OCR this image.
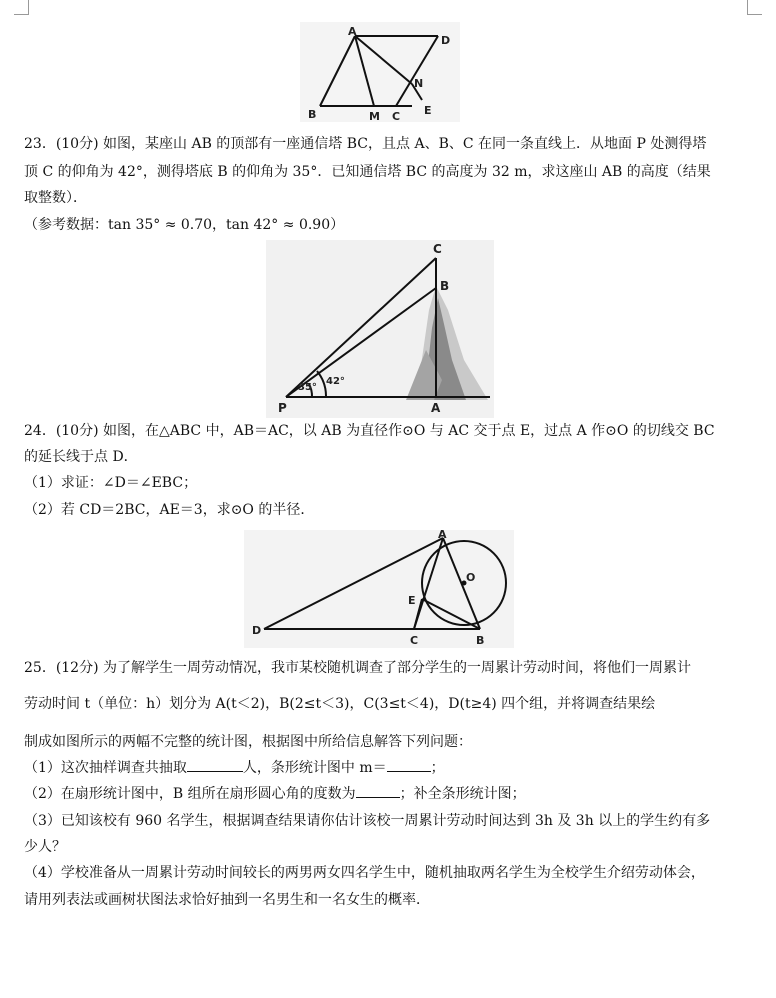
A
D
N
B	M C E
23．(10分) 如图，某座山 AB 的顶部有一座通信塔 BC，且点 A、B、C 在同一条直线上．从地面 P 处测得塔
顶 C 的仰角为 42°，测得塔底 B 的仰角为 35°．已知通信塔 BC 的高度为 32 m，求这座山 AB 的高度（结果
取整数）．
（参考数据：tan 35° ≈ 0.70，tan 42° ≈ 0.90）
C
B
P	A
35°
42°
24．(10分) 如图，在△ABC 中，AB＝AC，以 AB 为直径作⊙O 与 AC 交于点 E，过点 A 作⊙O 的切线交 BC
的延长线于点 D．
（1）求证：∠D＝∠EBC；
（2）若 CD＝2BC，AE＝3，求⊙O 的半径．
A
O
E
D
C	B
25．(12分) 为了解学生一周劳动情况，我市某校随机调查了部分学生的一周累计劳动时间，将他们一周累计
劳动时间 t（单位：h）划分为 A(t＜2)，B(2≤t＜3)，C(3≤t＜4)，D(t≥4) 四个组，并将调查结果绘
制成如图所示的两幅不完整的统计图，根据图中所给信息解答下列问题：
（1）这次抽样调查共抽取	人，条形统计图中 m＝	；
（2）在扇形统计图中，B 组所在扇形圆心角的度数为	；补全条形统计图；
（3）已知该校有 960 名学生，根据调查结果请你估计该校一周累计劳动时间达到 3h 及 3h 以上的学生约有多
少人？
（4）学校准备从一周累计劳动时间较长的两男两女四名学生中，随机抽取两名学生为全校学生介绍劳动体会，
请用列表法或画树状图法求恰好抽到一名男生和一名女生的概率．
